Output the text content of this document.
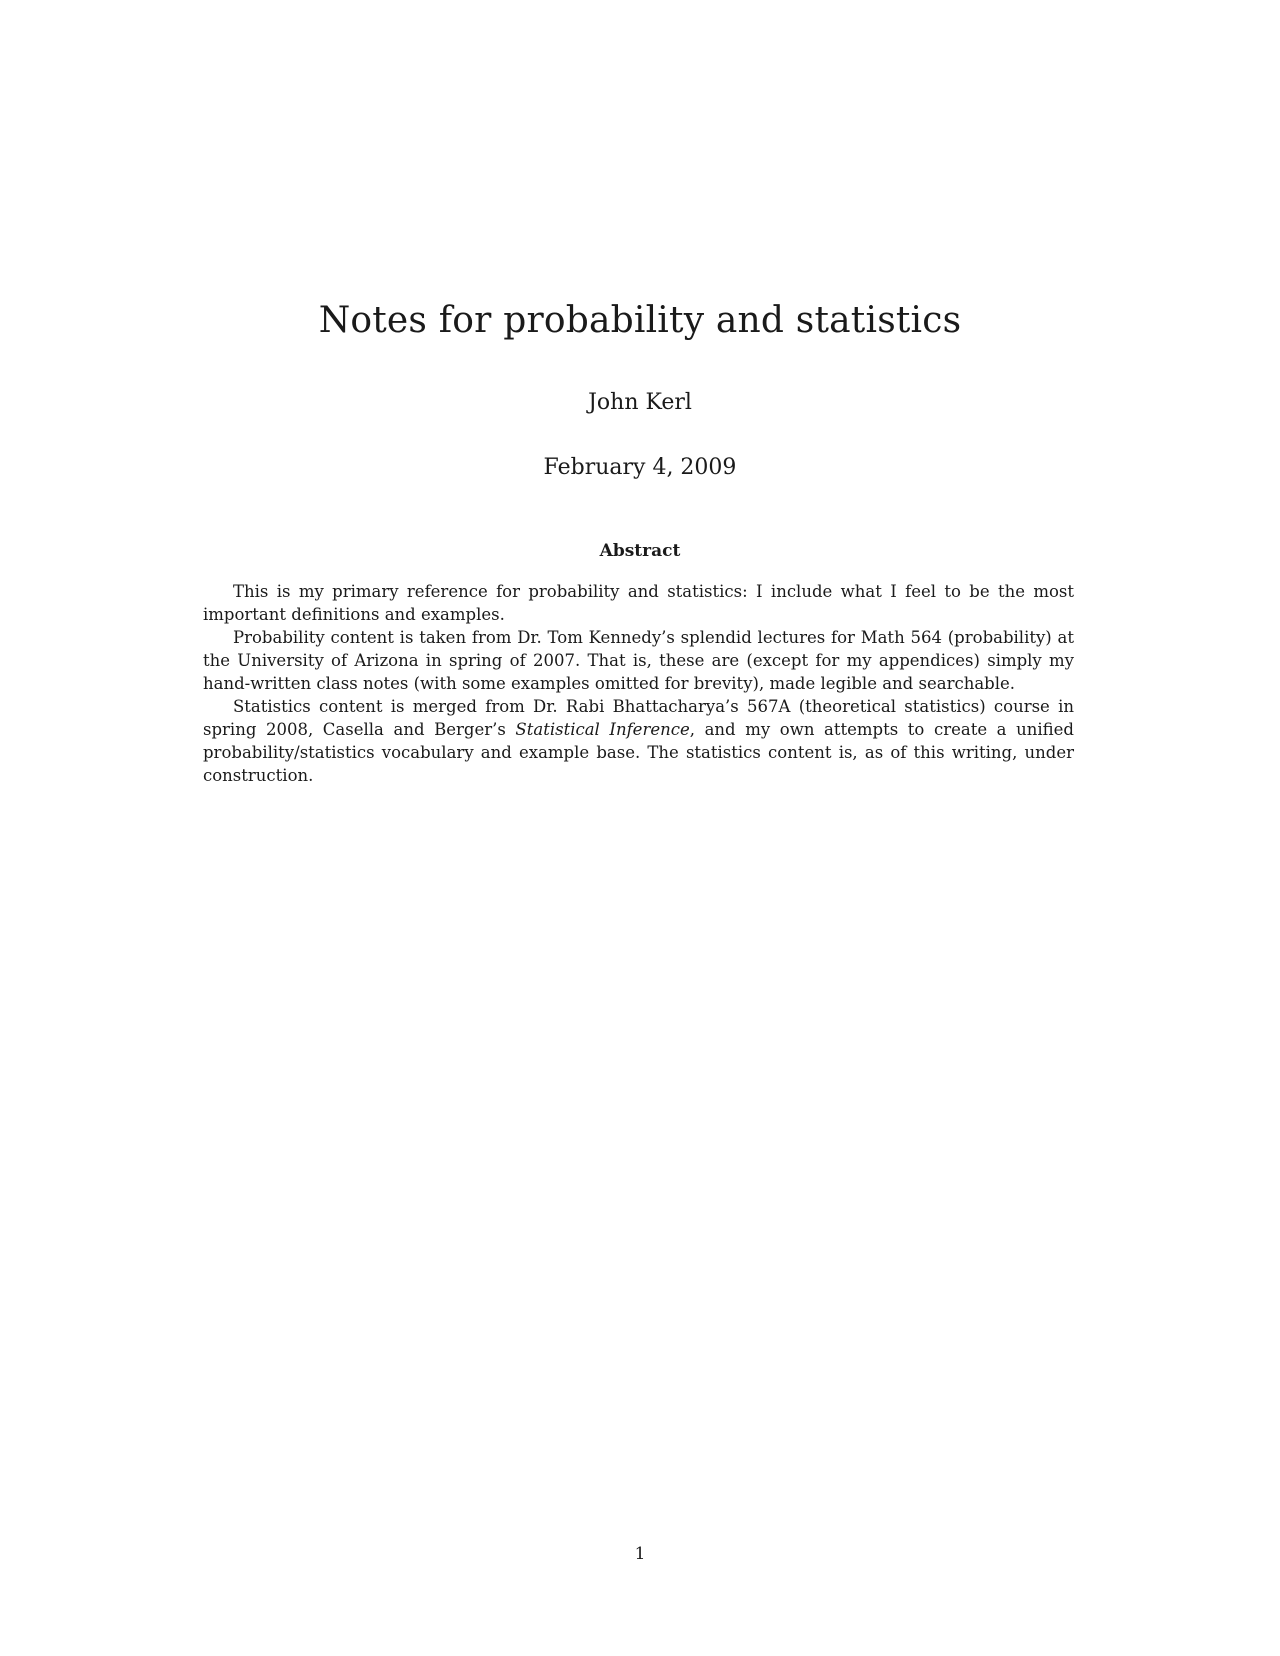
Notes for probability and statistics
John Kerl
February 4, 2009
Abstract

This is my primary reference for probability and statistics: I include what I feel to be the most important definitions and examples.

Probability content is taken from Dr. Tom Kennedy’s splendid lectures for Math 564 (probability) at the University of Arizona in spring of 2007. That is, these are (except for my appendices) simply my hand-written class notes (with some examples omitted for brevity), made legible and searchable.

Statistics content is merged from Dr. Rabi Bhattacharya’s 567A (theoretical statistics) course in spring 2008, Casella and Berger’s Statistical Inference, and my own attempts to create a unified probability/statistics vocabulary and example base. The statistics content is, as of this writing, under construction.

1
